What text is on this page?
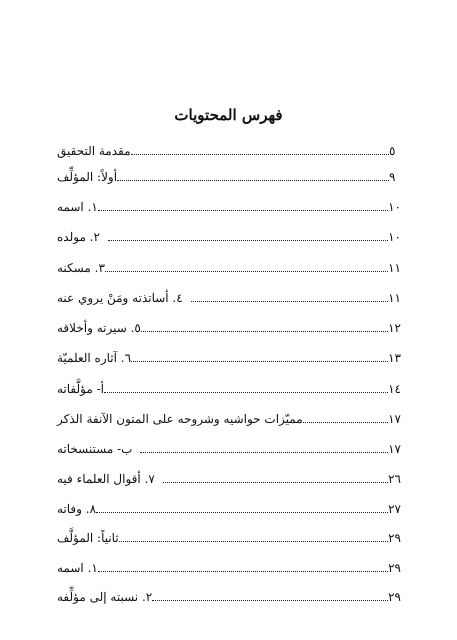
فهرس المحتويات
مقدمة التحقيق	٥
أولاً: المؤلِّف	٩
١. اسمه	١٠
٢. مولده	١٠
٣. مسكنه	١١
٤. أساتذته ومَنْ يروي عنه	١١
٥. سيرته وأخلاقه	١٢
٦. آثاره العلميّة	١٣
أ- مؤلَّفاته	١٤
مميّزات حواشيه وشروحه على المتون الآنفة الذكر	١٧
ب- مستنسخاته	١٧
٧. أقوال العلماء فيه	٢٦
٨. وفاته	٢٧
ثانياً: المؤلَّف	٢٩
١. اسمه	٢٩
٢. نسبته إلى مؤلِّفه	٢٩
